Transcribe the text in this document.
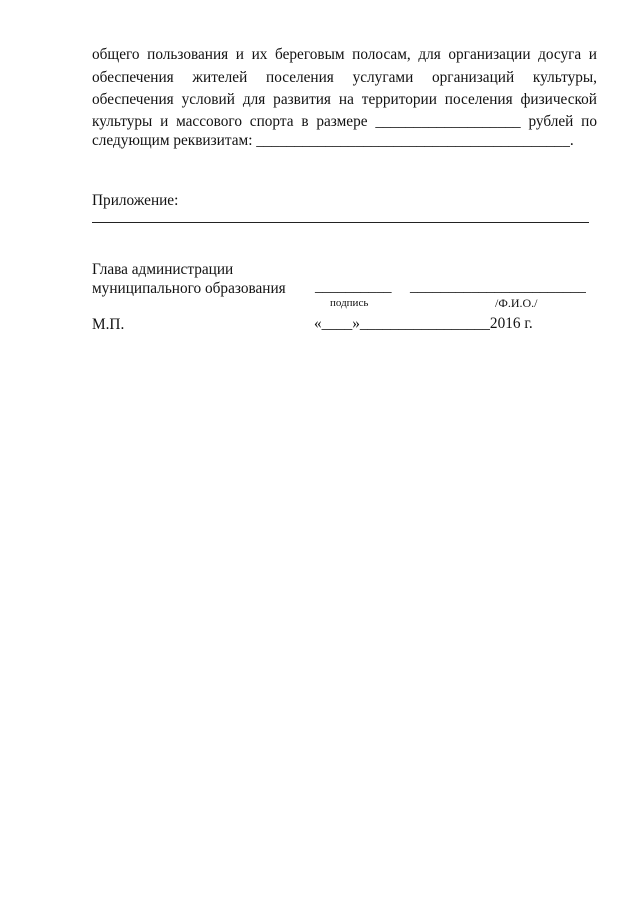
общего пользования и их береговым полосам, для организации досуга и
обеспечения жителей поселения услугами организаций культуры,
обеспечения условий для развития на территории поселения физической
культуры и массового спорта в размере ___________________ рублей по
следующим реквизитам: _________________________________________.
Приложение:
Глава администрации
муниципального образования __________ _______________________
подпись	/Ф.И.О./
М.П.	«____»_________________2016 г.
